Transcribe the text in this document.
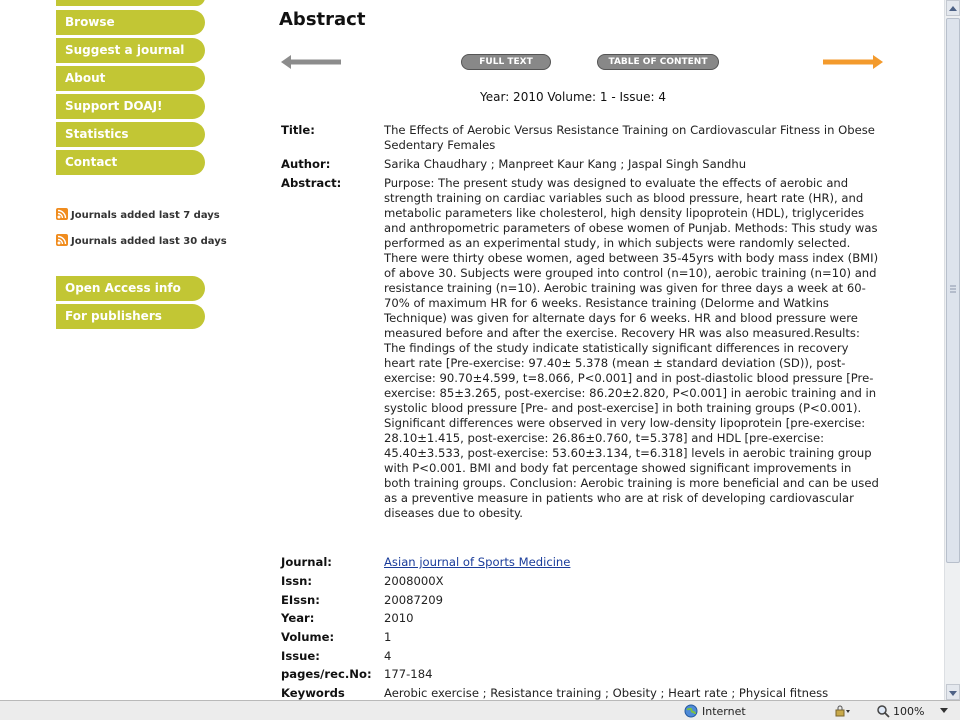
Browse
Suggest a journal
About
Support DOAJ!
Statistics
Contact
Journals added last 7 days
Journals added last 30 days
Open Access info
For publishers
Abstract
FULL TEXT	TABLE OF CONTENT
Year: 2010 Volume: 1 - Issue: 4
Title:	The Effects of Aerobic Versus Resistance Training on Cardiovascular Fitness in Obese Sedentary Females
Author:	Sarika Chaudhary ; Manpreet Kaur Kang ; Jaspal Singh Sandhu
Abstract:	Purpose: The present study was designed to evaluate the effects of aerobic and strength training on cardiac variables such as blood pressure, heart rate (HR), and metabolic parameters like cholesterol, high density lipoprotein (HDL), triglycerides and anthropometric parameters of obese women of Punjab. Methods: This study was performed as an experimental study, in which subjects were randomly selected. There were thirty obese women, aged between 35-45yrs with body mass index (BMI) of above 30. Subjects were grouped into control (n=10), aerobic training (n=10) and resistance training (n=10). Aerobic training was given for three days a week at 60-70% of maximum HR for 6 weeks. Resistance training (Delorme and Watkins Technique) was given for alternate days for 6 weeks. HR and blood pressure were measured before and after the exercise. Recovery HR was also measured.Results: The findings of the study indicate statistically significant differences in recovery heart rate [Pre-exercise: 97.40± 5.378 (mean ± standard deviation (SD)), post-exercise: 90.70±4.599, t=8.066, P<0.001] and in post-diastolic blood pressure [Pre-exercise: 85±3.265, post-exercise: 86.20±2.820, P<0.001] in aerobic training and in systolic blood pressure [Pre- and post-exercise] in both training groups (P<0.001). Significant differences were observed in very low-density lipoprotein [pre-exercise: 28.10±1.415, post-exercise: 26.86±0.760, t=5.378] and HDL [pre-exercise: 45.40±3.533, post-exercise: 53.60±3.134, t=6.318] levels in aerobic training group with P<0.001. BMI and body fat percentage showed significant improvements in both training groups. Conclusion: Aerobic training is more beneficial and can be used as a preventive measure in patients who are at risk of developing cardiovascular diseases due to obesity.
Journal:	Asian journal of Sports Medicine
Issn:	2008000X
EIssn:	20087209
Year:	2010
Volume:	1
Issue:	4
pages/rec.No:	177-184
Keywords	Aerobic exercise ; Resistance training ; Obesity ; Heart rate ; Physical fitness
Internet	100%
